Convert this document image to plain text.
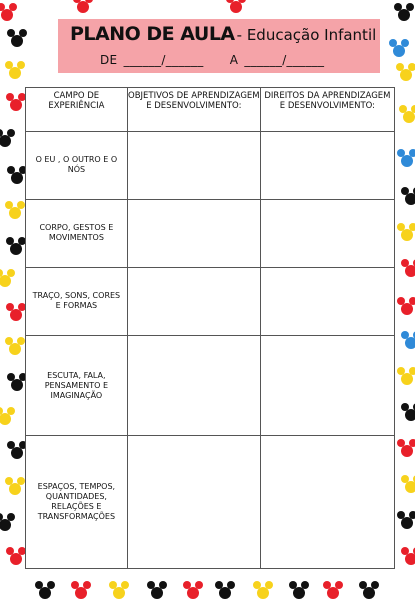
PLANO DE AULA - Educação Infantil
DE ______/______ A ______/______
CAMPO DE EXPERIÊNCIA	OBJETIVOS DE APRENDIZAGEM E DESENVOLVIMENTO:	DIREITOS DA APRENDIZAGEM E DESENVOLVIMENTO:
O EU , O OUTRO E O NÓS		
CORPO, GESTOS E MOVIMENTOS		
TRAÇO, SONS, CORES E FORMAS		
ESCUTA, FALA, PENSAMENTO E IMAGINAÇÃO		
ESPAÇOS, TEMPOS, QUANTIDADES, RELAÇÕES E TRANSFORMAÇÕES		
